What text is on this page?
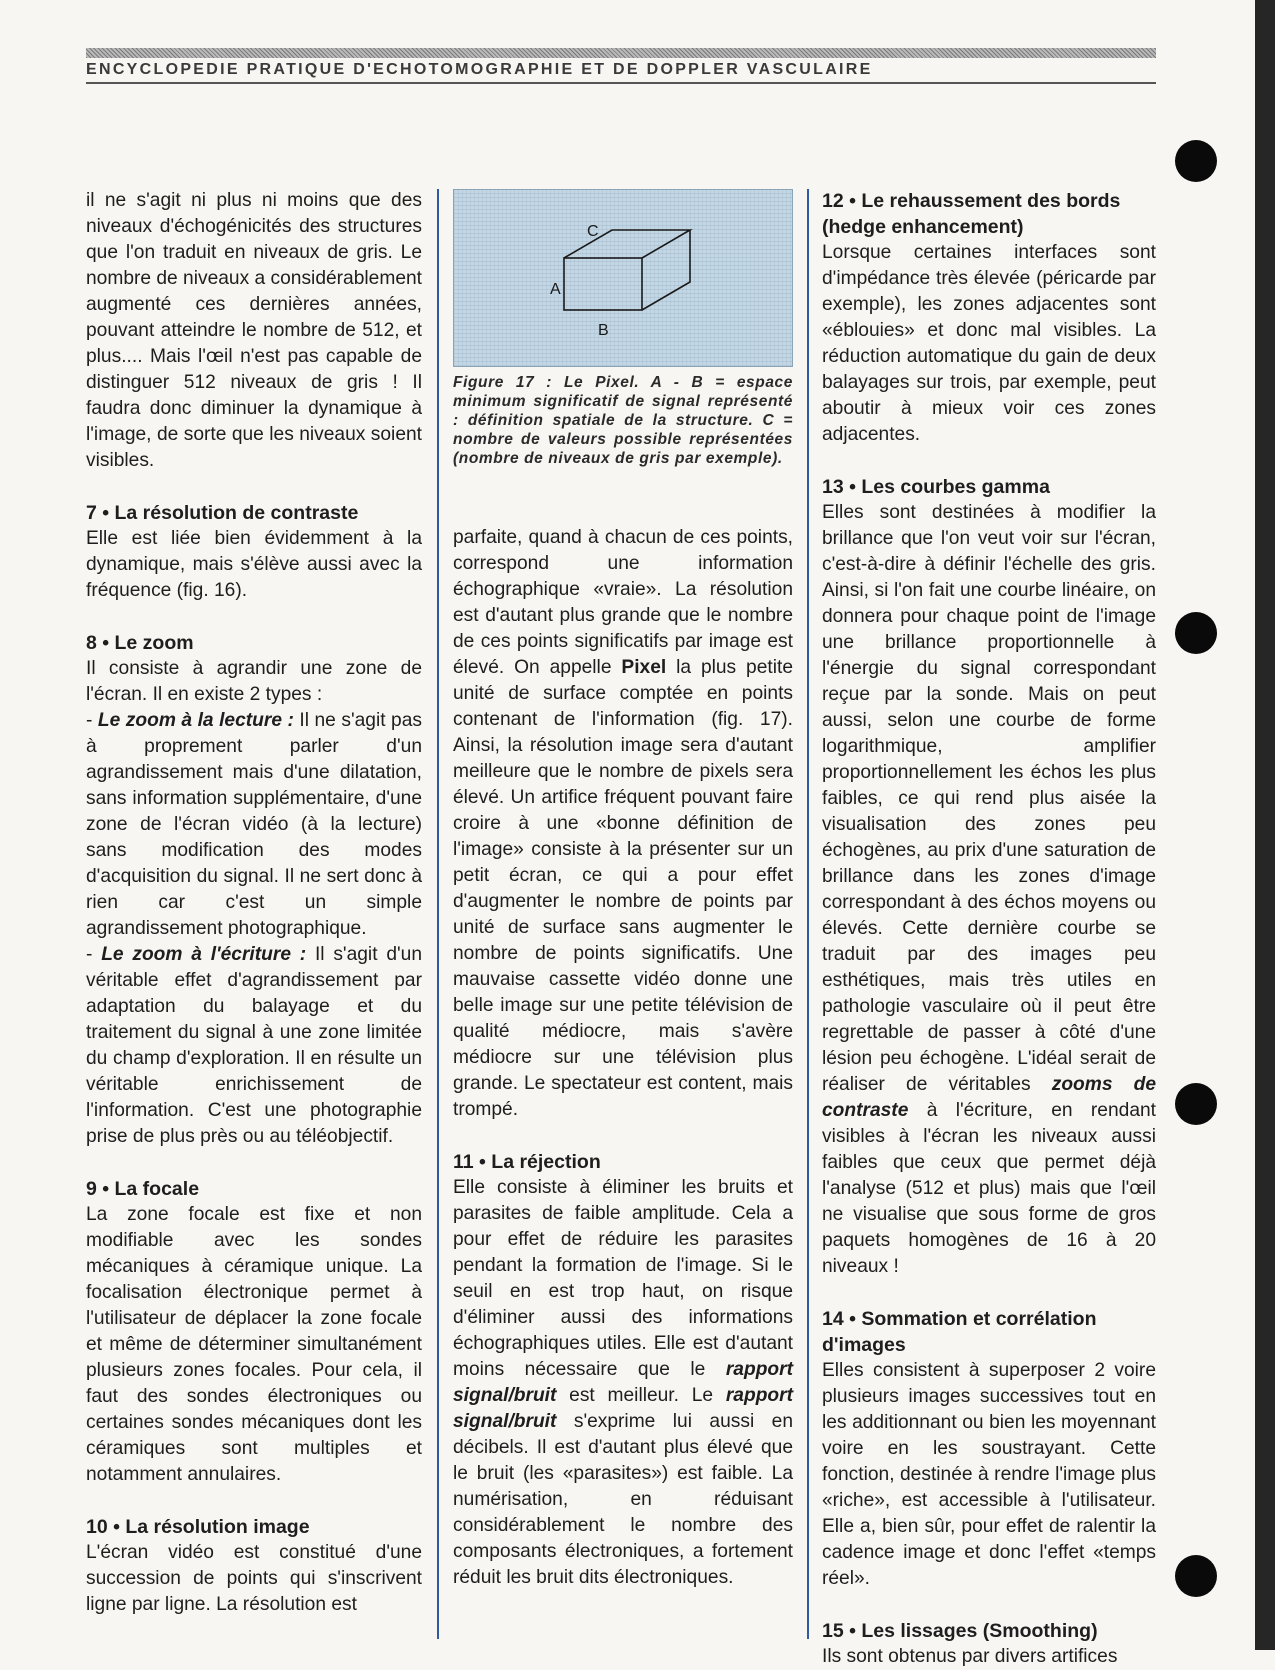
ENCYCLOPEDIE PRATIQUE D'ECHOTOMOGRAPHIE ET DE DOPPLER VASCULAIRE

il ne s'agit ni plus ni moins que des niveaux d'échogénicités des structures que l'on traduit en niveaux de gris. Le nombre de niveaux a considérablement augmenté ces dernières années, pouvant atteindre le nombre de 512, et plus.... Mais l'œil n'est pas capable de distinguer 512 niveaux de gris ! Il faudra donc diminuer la dynamique à l'image, de sorte que les niveaux soient visibles.

7 • La résolution de contraste

Elle est liée bien évidemment à la dynamique, mais s'élève aussi avec la fréquence (fig. 16).

8 • Le zoom

Il consiste à agrandir une zone de l'écran. Il en existe 2 types :

- Le zoom à la lecture : Il ne s'agit pas à proprement parler d'un agrandissement mais d'une dilatation, sans information supplémentaire, d'une zone de l'écran vidéo (à la lecture) sans modification des modes d'acquisition du signal. Il ne sert donc à rien car c'est un simple agrandissement photographique.

- Le zoom à l'écriture : Il s'agit d'un véritable effet d'agrandissement par adaptation du balayage et du traitement du signal à une zone limitée du champ d'exploration. Il en résulte un véritable enrichissement de l'information. C'est une photographie prise de plus près ou au téléobjectif.

9 • La focale

La zone focale est fixe et non modifiable avec les sondes mécaniques à céramique unique. La focalisation électronique permet à l'utilisateur de déplacer la zone focale et même de déterminer simultanément plusieurs zones focales. Pour cela, il faut des sondes électroniques ou certaines sondes mécaniques dont les céramiques sont multiples et notamment annulaires.

10 • La résolution image

L'écran vidéo est constitué d'une succession de points qui s'inscrivent ligne par ligne. La résolution est

A
B
C
Figure 17 : Le Pixel. A - B = espace minimum significatif de signal représenté : définition spatiale de la structure. C = nombre de valeurs possible représentées (nombre de niveaux de gris par exemple).

parfaite, quand à chacun de ces points, correspond une information échographique «vraie». La résolution est d'autant plus grande que le nombre de ces points significatifs par image est élevé. On appelle Pixel la plus petite unité de surface comptée en points contenant de l'information (fig. 17). Ainsi, la résolution image sera d'autant meilleure que le nombre de pixels sera élevé. Un artifice fréquent pouvant faire croire à une «bonne définition de l'image» consiste à la présenter sur un petit écran, ce qui a pour effet d'augmenter le nombre de points par unité de surface sans augmenter le nombre de points significatifs. Une mauvaise cassette vidéo donne une belle image sur une petite télévision de qualité médiocre, mais s'avère médiocre sur une télévision plus grande. Le spectateur est content, mais trompé.

11 • La réjection

Elle consiste à éliminer les bruits et parasites de faible amplitude. Cela a pour effet de réduire les parasites pendant la formation de l'image. Si le seuil en est trop haut, on risque d'éliminer aussi des informations échographiques utiles. Elle est d'autant moins nécessaire que le rapport signal/bruit est meilleur. Le rapport signal/bruit s'exprime lui aussi en décibels. Il est d'autant plus élevé que le bruit (les «parasites») est faible. La numérisation, en réduisant considérablement le nombre des composants électroniques, a fortement réduit les bruit dits électroniques.

12 • Le rehaussement des bords (hedge enhancement)

Lorsque certaines interfaces sont d'impédance très élevée (péricarde par exemple), les zones adjacentes sont «éblouies» et donc mal visibles. La réduction automatique du gain de deux balayages sur trois, par exemple, peut aboutir à mieux voir ces zones adjacentes.

13 • Les courbes gamma

Elles sont destinées à modifier la brillance que l'on veut voir sur l'écran, c'est-à-dire à définir l'échelle des gris. Ainsi, si l'on fait une courbe linéaire, on donnera pour chaque point de l'image une brillance proportionnelle à l'énergie du signal correspondant reçue par la sonde. Mais on peut aussi, selon une courbe de forme logarithmique, amplifier proportionnellement les échos les plus faibles, ce qui rend plus aisée la visualisation des zones peu échogènes, au prix d'une saturation de brillance dans les zones d'image correspondant à des échos moyens ou élevés. Cette dernière courbe se traduit par des images peu esthétiques, mais très utiles en pathologie vasculaire où il peut être regrettable de passer à côté d'une lésion peu échogène. L'idéal serait de réaliser de véritables zooms de contraste à l'écriture, en rendant visibles à l'écran les niveaux aussi faibles que ceux que permet déjà l'analyse (512 et plus) mais que l'œil ne visualise que sous forme de gros paquets homogènes de 16 à 20 niveaux !

14 • Sommation et corrélation d'images

Elles consistent à superposer 2 voire plusieurs images successives tout en les additionnant ou bien les moyennant voire en les soustrayant. Cette fonction, destinée à rendre l'image plus «riche», est accessible à l'utilisateur. Elle a, bien sûr, pour effet de ralentir la cadence image et donc l'effet «temps réel».

15 • Les lissages (Smoothing)

Ils sont obtenus par divers artifices
